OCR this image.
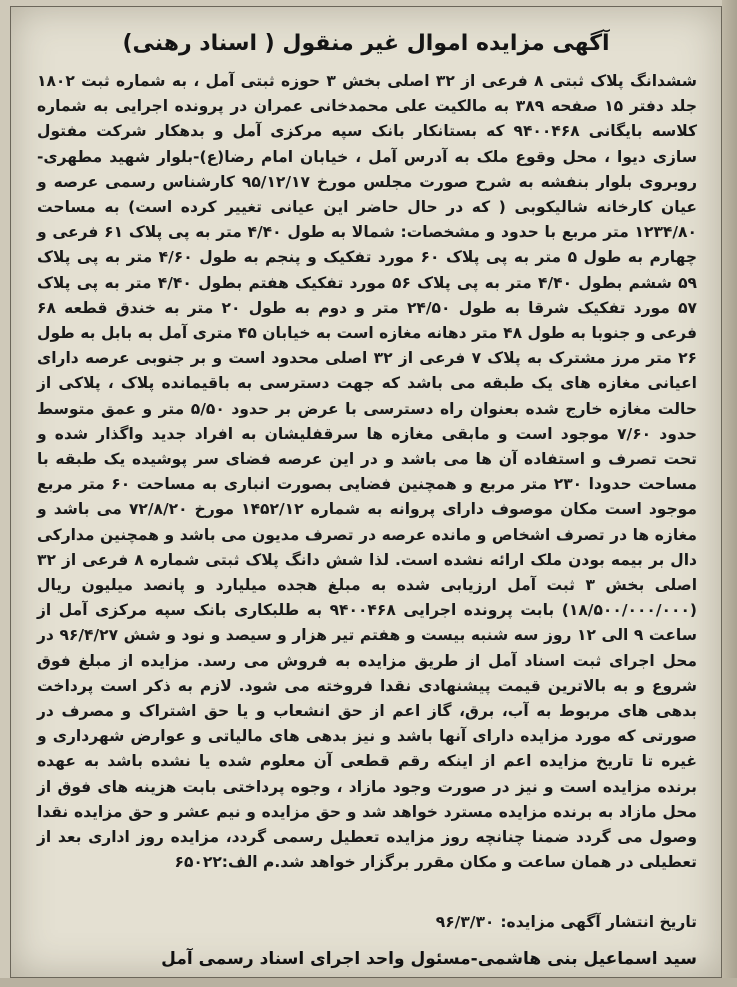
آگهی مزایده اموال غیر منقول ( اسناد رهنی)

ششدانگ پلاک ثبتی ۸ فرعی از ۳۲ اصلی بخش ۳ حوزه ثبتی آمل ، به شماره ثبت ۱۸۰۲ جلد دفتر ۱۵ صفحه ۳۸۹ به مالکیت علی محمدخانی عمران در پرونده اجرایی به شماره کلاسه بایگانی ۹۴۰۰۴۶۸ که بستانکار بانک سپه مرکزی آمل و بدهکار شرکت مفتول سازی دیوا ، محل وقوع ملک به آدرس آمل ، خیابان امام رضا(ع)-بلوار شهید مطهری-روبروی بلوار بنفشه به شرح صورت مجلس مورخ ۹۵/۱۲/۱۷ کارشناس رسمی عرصه و عیان کارخانه شالیکوبی ( که در حال حاضر این عیانی تغییر کرده است) به مساحت ۱۲۳۴/۸۰ متر مربع با حدود و مشخصات: شمالا به طول ۴/۴۰ متر به پی پلاک ۶۱ فرعی و چهارم به طول ۵ متر به پی پلاک ۶۰ مورد تفکیک و پنجم به طول ۴/۶۰ متر به پی پلاک ۵۹ ششم بطول ۴/۴۰ متر به پی پلاک ۵۶ مورد تفکیک هفتم بطول ۴/۴۰ متر به پی پلاک ۵۷ مورد تفکیک شرقا به طول ۲۴/۵۰ متر و دوم به طول ۲۰ متر به خندق قطعه ۶۸ فرعی و جنوبا به طول ۴۸ متر دهانه مغازه است به خیابان ۴۵ متری آمل به بابل به طول ۲۶ متر مرز مشترک به پلاک ۷ فرعی از ۳۲ اصلی محدود است و بر جنوبی عرصه دارای اعیانی مغازه های یک طبقه می باشد که جهت دسترسی به باقیمانده پلاک ، پلاکی از حالت مغازه خارج شده بعنوان راه دسترسی با عرض بر حدود ۵/۵۰ متر و عمق متوسط حدود ۷/۶۰ موجود است و مابقی مغازه ها سرقفلیشان به افراد جدید واگذار شده و تحت تصرف و استفاده آن ها می باشد و در این عرصه فضای سر پوشیده یک طبقه با مساحت حدودا ۲۳۰ متر مربع و همچنین فضایی بصورت انباری به مساحت ۶۰ متر مربع موجود است مکان موصوف دارای پروانه به شماره ۱۴۵۲/۱۲ مورخ ۷۲/۸/۲۰ می باشد و مغازه ها در تصرف اشخاص و مانده عرصه در تصرف مدیون می باشد و همچنین مدارکی دال بر بیمه بودن ملک ارائه نشده است. لذا شش دانگ پلاک ثبتی شماره ۸ فرعی از ۳۲ اصلی بخش ۳ ثبت آمل ارزیابی شده به مبلغ هجده میلیارد و پانصد میلیون ریال (۱۸/۵۰۰/۰۰۰/۰۰۰) بابت پرونده اجرایی ۹۴۰۰۴۶۸ به طلبکاری بانک سپه مرکزی آمل از ساعت ۹ الی ۱۲ روز سه شنبه بیست و هفتم تیر هزار و سیصد و نود و شش ۹۶/۴/۲۷ در محل اجرای ثبت اسناد آمل از طریق مزایده به فروش می رسد. مزایده از مبلغ فوق شروع و به بالاترین قیمت پیشنهادی نقدا فروخته می شود. لازم به ذکر است پرداخت بدهی های مربوط به آب، برق، گاز اعم از حق انشعاب و یا حق اشتراک و مصرف در صورتی که مورد مزایده دارای آنها باشد و نیز بدهی های مالیاتی و عوارض شهرداری و غیره تا تاریخ مزایده اعم از اینکه رقم قطعی آن معلوم شده یا نشده باشد به عهده برنده مزایده است و نیز در صورت وجود مازاد ، وجوه پرداختی بابت هزینه های فوق از محل مازاد به برنده مزایده مسترد خواهد شد و حق مزایده و نیم عشر و حق مزایده نقدا وصول می گردد ضمنا چنانچه روز مزایده تعطیل رسمی گردد، مزایده روز اداری بعد از تعطیلی در همان ساعت و مکان مقرر برگزار خواهد شد.م الف:۶۵۰۲۲

تاریخ انتشار آگهی مزایده:۹۶/۳/۳۰
سید اسماعیل بنی هاشمی-مسئول واحد اجرای اسناد رسمی آمل
